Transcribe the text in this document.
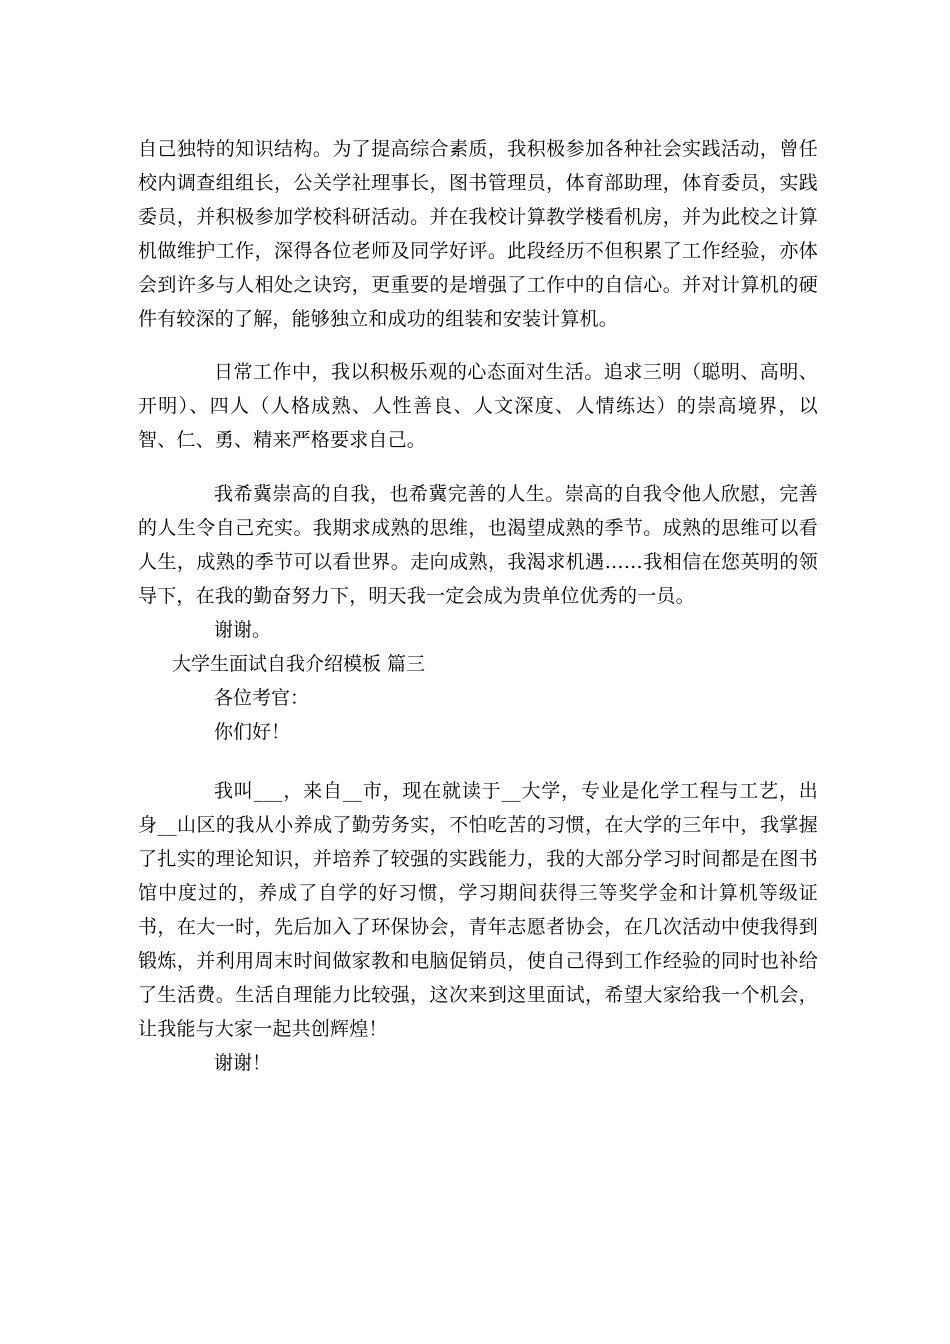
自己独特的知识结构。为了提高综合素质，我积极参加各种社会实践活动，曾任校内调查组组长，公关学社理事长，图书管理员，体育部助理，体育委员，实践委员，并积极参加学校科研活动。并在我校计算教学楼看机房，并为此校之计算机做维护工作，深得各位老师及同学好评。此段经历不但积累了工作经验，亦体会到许多与人相处之诀窍，更重要的是增强了工作中的自信心。并对计算机的硬件有较深的了解，能够独立和成功的组装和安装计算机。

日常工作中，我以积极乐观的心态面对生活。追求三明（聪明、高明、开明）、四人（人格成熟、人性善良、人文深度、人情练达）的崇高境界，以智、仁、勇、精来严格要求自己。

我希冀崇高的自我，也希冀完善的人生。崇高的自我令他人欣慰，完善的人生令自己充实。我期求成熟的思维，也渴望成熟的季节。成熟的思维可以看人生，成熟的季节可以看世界。走向成熟，我渴求机遇……我相信在您英明的领导下，在我的勤奋努力下，明天我一定会成为贵单位优秀的一员。

谢谢。

大学生面试自我介绍模板 篇三

各位考官：

你们好！

我叫___，来自__市，现在就读于__大学，专业是化学工程与工艺，出身__山区的我从小养成了勤劳务实，不怕吃苦的习惯，在大学的三年中，我掌握了扎实的理论知识，并培养了较强的实践能力，我的大部分学习时间都是在图书馆中度过的，养成了自学的好习惯，学习期间获得三等奖学金和计算机等级证书，在大一时，先后加入了环保协会，青年志愿者协会，在几次活动中使我得到锻炼，并利用周末时间做家教和电脑促销员，使自己得到工作经验的同时也补给了生活费。生活自理能力比较强，这次来到这里面试，希望大家给我一个机会，让我能与大家一起共创辉煌！

谢谢！
